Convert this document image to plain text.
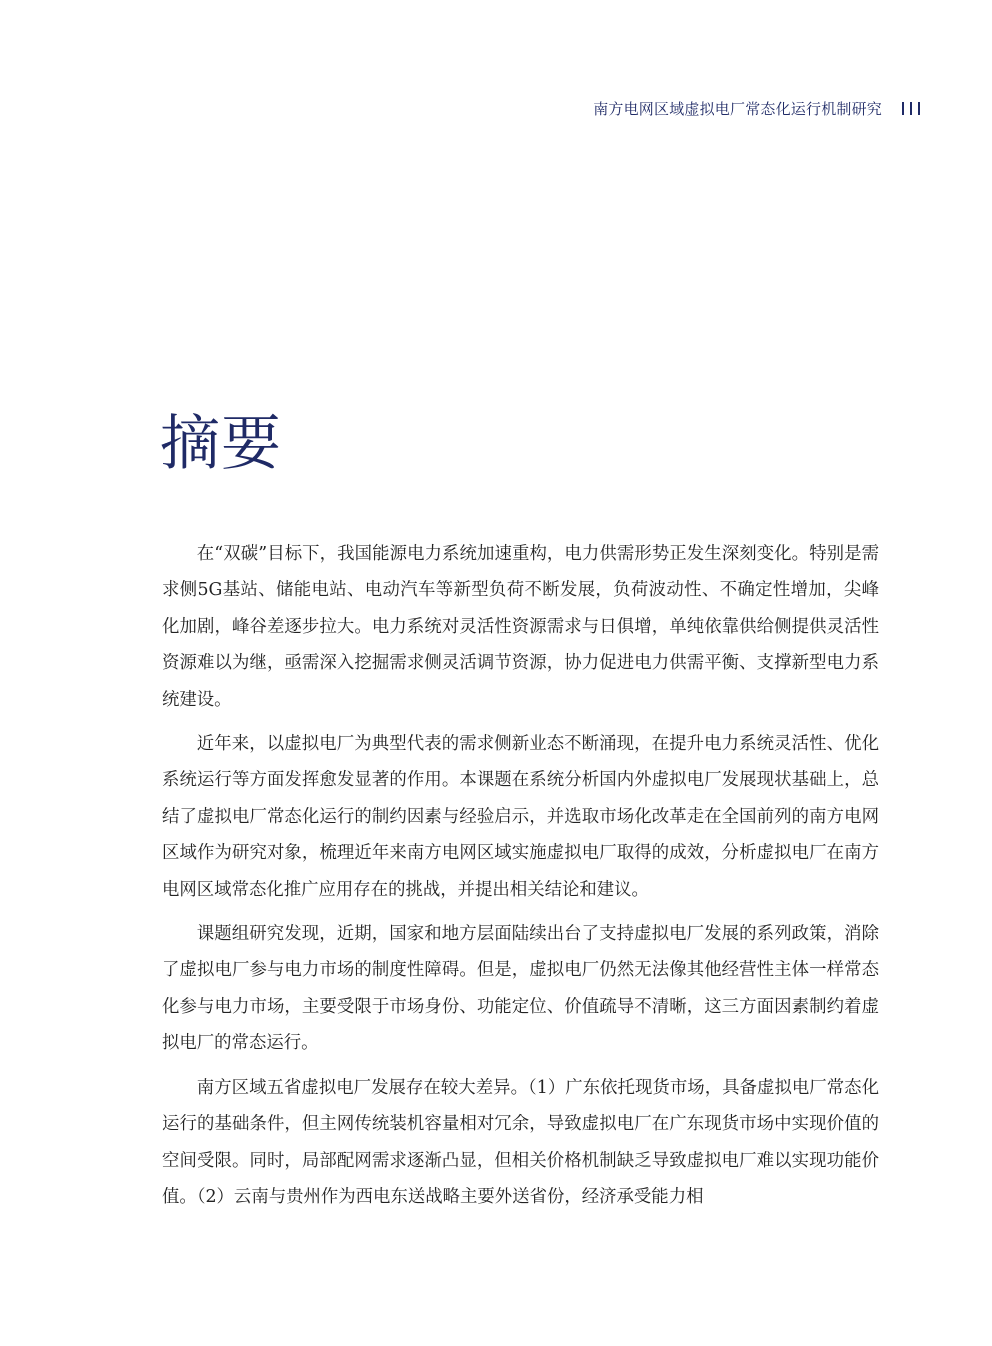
南方电网区域虚拟电厂常态化运行机制研究
摘要

在“双碳”目标下，我国能源电力系统加速重构，电力供需形势正发生深刻变化。特别是需求侧5G基站、储能电站、电动汽车等新型负荷不断发展，负荷波动性、不确定性增加，尖峰化加剧，峰谷差逐步拉大。电力系统对灵活性资源需求与日俱增，单纯依靠供给侧提供灵活性资源难以为继，亟需深入挖掘需求侧灵活调节资源，协力促进电力供需平衡、支撑新型电力系统建设。

近年来，以虚拟电厂为典型代表的需求侧新业态不断涌现，在提升电力系统灵活性、优化系统运行等方面发挥愈发显著的作用。本课题在系统分析国内外虚拟电厂发展现状基础上，总结了虚拟电厂常态化运行的制约因素与经验启示，并选取市场化改革走在全国前列的南方电网区域作为研究对象，梳理近年来南方电网区域实施虚拟电厂取得的成效，分析虚拟电厂在南方电网区域常态化推广应用存在的挑战，并提出相关结论和建议。

课题组研究发现，近期，国家和地方层面陆续出台了支持虚拟电厂发展的系列政策，消除了虚拟电厂参与电力市场的制度性障碍。但是，虚拟电厂仍然无法像其他经营性主体一样常态化参与电力市场，主要受限于市场身份、功能定位、价值疏导不清晰，这三方面因素制约着虚拟电厂的常态运行。

南方区域五省虚拟电厂发展存在较大差异。（1）广东依托现货市场，具备虚拟电厂常态化运行的基础条件，但主网传统装机容量相对冗余，导致虚拟电厂在广东现货市场中实现价值的空间受限。同时，局部配网需求逐渐凸显，但相关价格机制缺乏导致虚拟电厂难以实现功能价值。（2）云南与贵州作为西电东送战略主要外送省份，经济承受能力相
